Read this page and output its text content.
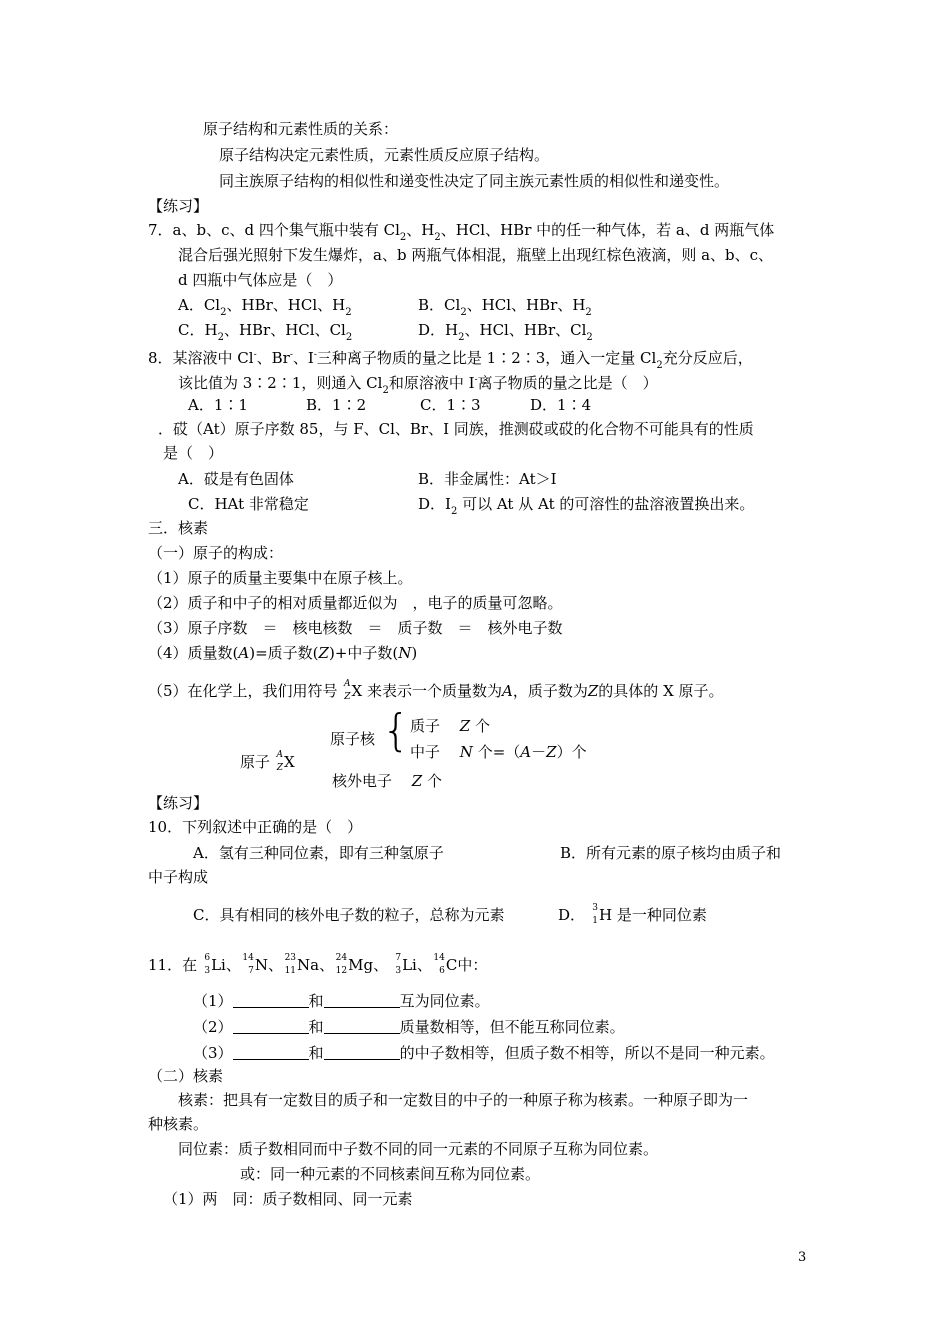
原子结构和元素性质的关系：
原子结构决定元素性质，元素性质反应原子结构。
同主族原子结构的相似性和递变性决定了同主族元素性质的相似性和递变性。
【练习】
7．a、b、c、d 四个集气瓶中装有 $Cl_2$、$H_2$、HCl、HBr 中的任一种气体，若 a、d 两瓶气体
混合后强光照射下发生爆炸，a、b 两瓶气体相混，瓶壁上出现红棕色液滴，则 a、b、c、
d 四瓶中气体应是（　）
A．$Cl_2$、HBr、HCl、$H_2$	B．$Cl_2$、HCl、HBr、$H_2$
C．$H_2$、HBr、HCl、$Cl_2$	D．$H_2$、HCl、HBr、$Cl_2$
8．某溶液中 Cl-、Br-、I-三种离子物质的量之比是 1∶2∶3，通入一定量 $Cl_2$充分反应后，
该比值为 3∶2∶1，则通入 $Cl_2$和原溶液中 I-离子物质的量之比是（　）
A．1∶1	B．1∶2	C．1∶3	D．1∶4
．砹（At）原子序数 85，与 F、Cl、Br、I 同族，推测砹或砹的化合物不可能具有的性质
是（　）
A．砹是有色固体	B．非金属性：At＞I
C．HAt 非常稳定	D．$I_2$ 可以 At 从 At 的可溶性的盐溶液置换出来。
三．核素
（一）原子的构成：
（1）原子的质量主要集中在原子核上。
（2）质子和中子的相对质量都近似为　，电子的质量可忽略。
（3）原子序数　＝　核电核数　＝　质子数　＝　核外电子数
（4）质量数(A)=质子数(Z)+中子数(N)
（5）在化学上，我们用符号 A
Z X 来表示一个质量数为A，质子数为Z的具体的 X 原子。
原子核 { 质子　 Z 个
中子　 N 个=（A－Z）个
原子 A
Z X
核外电子　 Z 个
【练习】
10．下列叙述中正确的是（　）
A．氢有三种同位素，即有三种氢原子	B．所有元素的原子核均由质子和
中子构成
C．具有相同的核外电子数的粒子，总称为元素	D． 3
1 H 是一种同位素
11．在 6
3 Li、 14
7 N、 23
11 Na、 24
12 Mg、 7
3 Li、 14
6 C中：
（1）	和	互为同位素。
（2）	和	质量数相等，但不能互称同位素。
（3）	和	的中子数相等，但质子数不相等，所以不是同一种元素。
（二）核素
核素：把具有一定数目的质子和一定数目的中子的一种原子称为核素。一种原子即为一
种核素。
同位素：质子数相同而中子数不同的同一元素的不同原子互称为同位素。
或：同一种元素的不同核素间互称为同位素。
（1）两　同：质子数相同、同一元素
3
